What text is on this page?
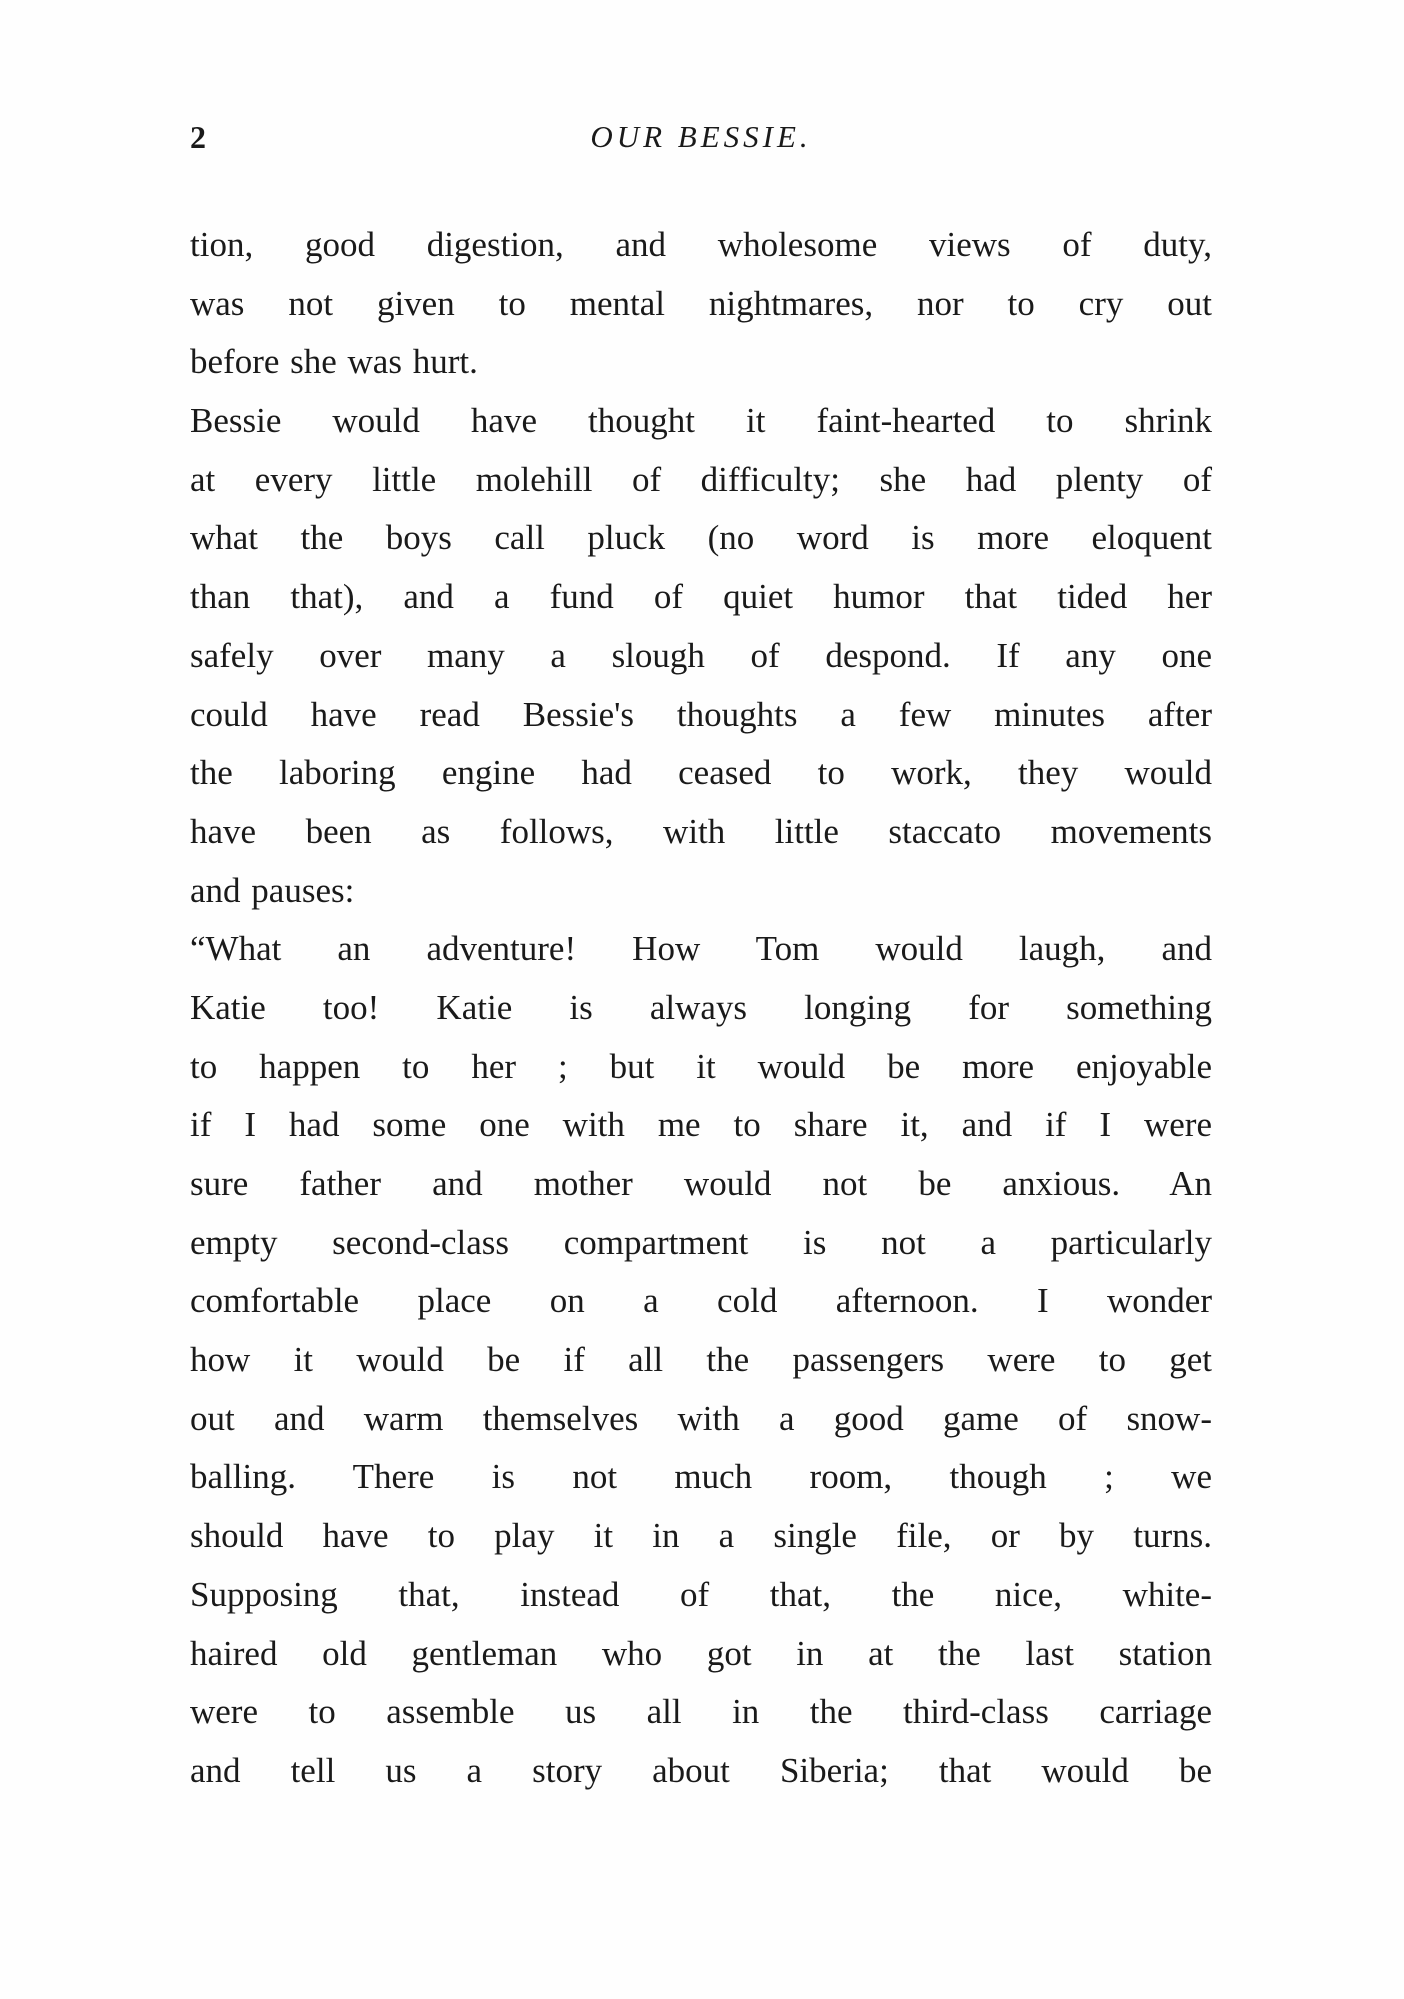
2	OUR BESSIE.
tion, good digestion, and wholesome views of duty,
was not given to mental nightmares, nor to cry out
before she was hurt.
Bessie would have thought it faint-hearted to shrink
at every little molehill of difficulty; she had plenty of
what the boys call pluck (no word is more eloquent
than that), and a fund of quiet humor that tided her
safely over many a slough of despond. If any one
could have read Bessie's thoughts a few minutes after
the laboring engine had ceased to work, they would
have been as follows, with little staccato movements
and pauses:
“What an adventure! How Tom would laugh, and
Katie too! Katie is always longing for something
to happen to her ; but it would be more enjoyable
if I had some one with me to share it, and if I were
sure father and mother would not be anxious. An
empty second-class compartment is not a particularly
comfortable place on a cold afternoon. I wonder
how it would be if all the passengers were to get
out and warm themselves with a good game of snow-
balling. There is not much room, though ; we
should have to play it in a single file, or by turns.
Supposing that, instead of that, the nice, white-
haired old gentleman who got in at the last station
were to assemble us all in the third-class carriage
and tell us a story about Siberia; that would be
